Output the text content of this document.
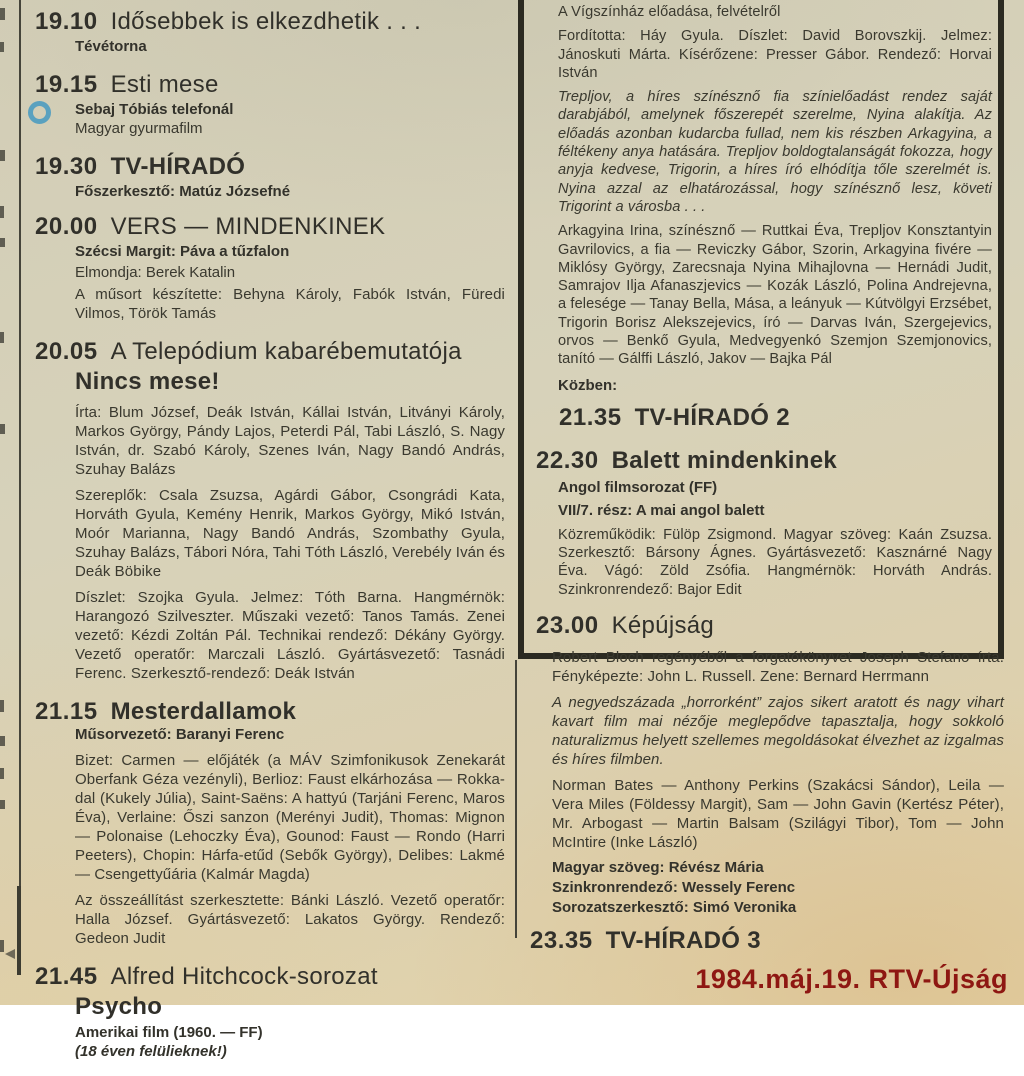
19.10 Idősebbek is elkezdhetik . . .
Tévétorna
19.15 Esti mese
Sebaj Tóbiás telefonál
Magyar gyurmafilm
19.30 TV-HÍRADÓ
Főszerkesztő: Matúz Józsefné
20.00 VERS — MINDENKINEK
Szécsi Margit: Páva a tűzfalon
Elmondja: Berek Katalin
A műsort készítette: Behyna Károly, Fabók István, Füredi Vilmos, Török Tamás
20.05 A Telepódium kabarébemutatója
Nincs mese!
Írta: Blum József, Deák István, Kállai István, Litványi Károly, Markos György, Pándy Lajos, Peterdi Pál, Tabi László, S. Nagy István, dr. Szabó Károly, Szenes Iván, Nagy Bandó András, Szuhay Balázs
Szereplők: Csala Zsuzsa, Agárdi Gábor, Csongrádi Kata, Horváth Gyula, Kemény Henrik, Markos György, Mikó István, Moór Marianna, Nagy Bandó András, Szombathy Gyula, Szuhay Balázs, Tábori Nóra, Tahi Tóth László, Verebély Iván és Deák Böbike
Díszlet: Szojka Gyula. Jelmez: Tóth Barna. Hangmérnök: Harangozó Szilveszter. Műszaki vezető: Tanos Tamás. Zenei vezető: Kézdi Zoltán Pál. Technikai rendező: Dékány György. Vezető operatőr: Marczali László. Gyártásvezető: Tasnádi Ferenc. Szerkesztő-rendező: Deák István
21.15 Mesterdallamok
Műsorvezető: Baranyi Ferenc
Bizet: Carmen — előjáték (a MÁV Szimfonikusok Zenekarát Oberfank Géza vezényli), Berlioz: Faust elkárhozása — Rokka-dal (Kukely Júlia), Saint-Saëns: A hattyú (Tarjáni Ferenc, Maros Éva), Verlaine: Őszi sanzon (Merényi Judit), Thomas: Mignon — Polonaise (Lehoczky Éva), Gounod: Faust — Rondo (Harri Peeters), Chopin: Hárfa-etűd (Sebők György), Delibes: Lakmé — Csengettyűária (Kalmár Magda)
Az összeállítást szerkesztette: Bánki László. Vezető operatőr: Halla József. Gyártásvezető: Lakatos György. Rendező: Gedeon Judit
21.45 Alfred Hitchcock-sorozat
Psycho
Amerikai film (1960. — FF)
(18 éven felülieknek!)
A Vígszínház előadása, felvételről
Fordította: Háy Gyula. Díszlet: David Borovszkij. Jelmez: Jánoskuti Márta. Kísérőzene: Presser Gábor. Rendező: Horvai István
Trepljov, a híres színésznő fia színielőadást rendez saját darabjából, amelynek főszerepét szerelme, Nyina alakítja. Az előadás azonban kudarcba fullad, nem kis részben Arkagyina, a féltékeny anya hatására. Trepljov boldogtalanságát fokozza, hogy anyja kedvese, Trigorin, a híres író elhódítja tőle szerelmét is. Nyina azzal az elhatározással, hogy színésznő lesz, követi Trigorint a városba . . .
Arkagyina Irina, színésznő — Ruttkai Éva, Trepljov Konsztantyin Gavrilovics, a fia — Reviczky Gábor, Szorin, Arkagyina fivére — Miklósy György, Zarecsnaja Nyina Mihajlovna — Hernádi Judit, Samrajov Ilja Afanaszjevics — Kozák László, Polina Andrejevna, a felesége — Tanay Bella, Mása, a leányuk — Kútvölgyi Erzsébet, Trigorin Borisz Alekszejevics, író — Darvas Iván, Szergejevics, orvos — Benkő Gyula, Medvegyenkó Szemjon Szemjonovics, tanító — Gálffi László, Jakov — Bajka Pál
Közben:
21.35 TV-HÍRADÓ 2
22.30 Balett mindenkinek
Angol filmsorozat (FF)
VII/7. rész: A mai angol balett
Közreműködik: Fülöp Zsigmond. Magyar szöveg: Kaán Zsuzsa. Szerkesztő: Bársony Ágnes. Gyártásvezető: Kasznárné Nagy Éva. Vágó: Zöld Zsófia. Hangmérnök: Horváth András. Szinkronrendező: Bajor Edit
23.00 Képújság
Robert Bloch regényéből a forgatókönyvet Joseph Stefano írta. Fényképezte: John L. Russell. Zene: Bernard Herrmann
A negyedszázada „horrorként” zajos sikert aratott és nagy vihart kavart film mai nézője meglepődve tapasztalja, hogy sokkoló naturalizmus helyett szellemes megoldásokat élvezhet az izgalmas és híres filmben.
Norman Bates — Anthony Perkins (Szakácsi Sándor), Leila — Vera Miles (Földessy Margit), Sam — John Gavin (Kertész Péter), Mr. Arbogast — Martin Balsam (Szilágyi Tibor), Tom — John McIntire (Inke László)
Magyar szöveg: Révész Mária
Szinkronrendező: Wessely Ferenc
Sorozatszerkesztő: Simó Veronika
23.35 TV-HÍRADÓ 3
1984.máj.19. RTV-Újság
